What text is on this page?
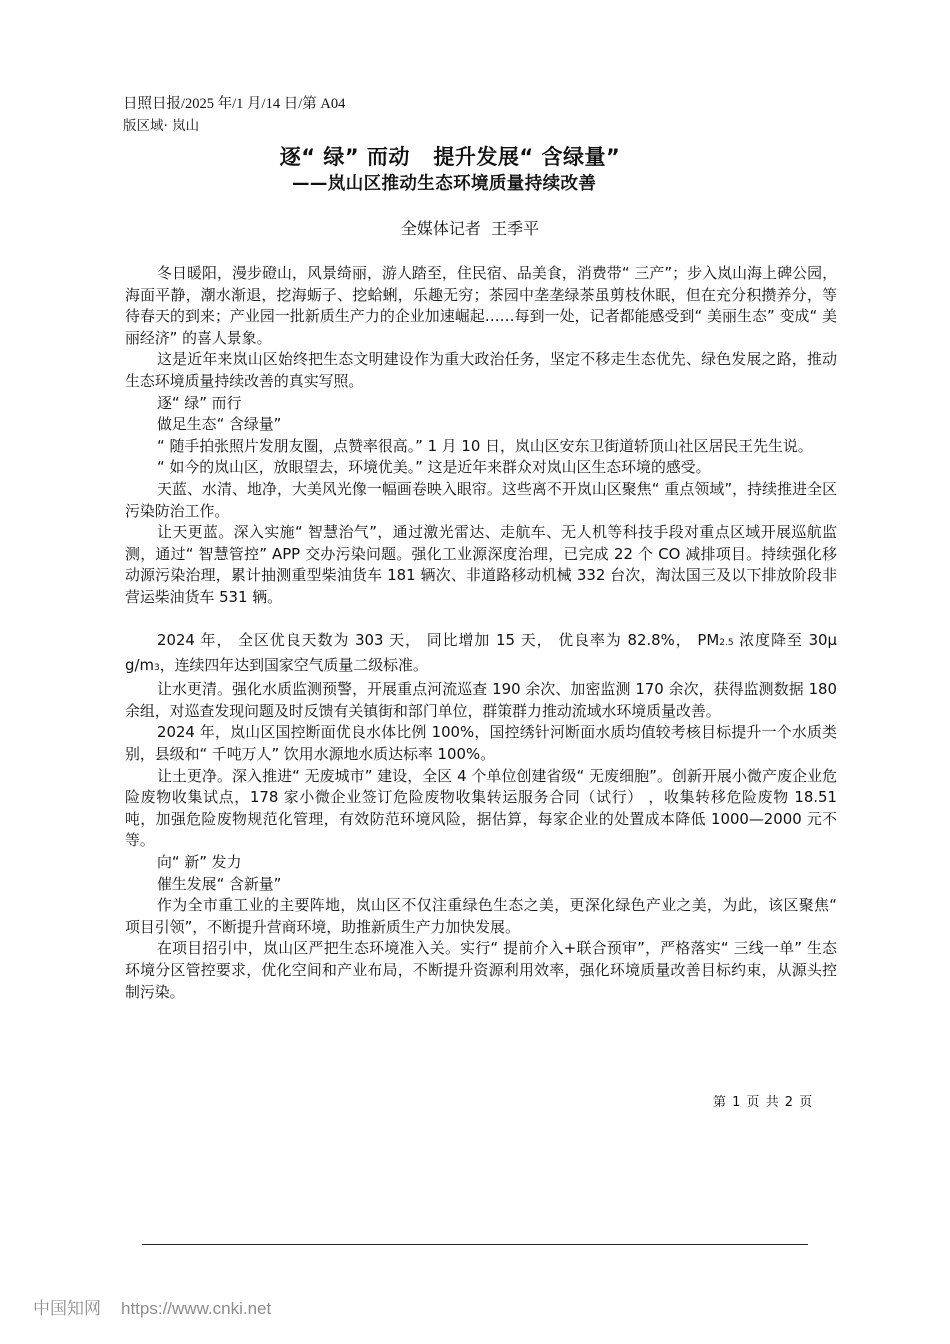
日照日报/2025 年/1 月/14 日/第 A04
版区域· 岚山
逐“ 绿” 而动   提升发展“ 含绿量”
——岚山区推动生态环境质量持续改善
全媒体记者  王季平

冬日暖阳，漫步磴山，风景绮丽，游人踏至，住民宿、品美食，消费带“ 三产”；步入岚山海上碑公园，海面平静，潮水渐退，挖海蛎子、挖蛤蜊，乐趣无穷；茶园中垄垄绿茶虽剪枝休眠，但在充分积攒养分，等待春天的到来；产业园一批新质生产力的企业加速崛起……每到一处，记者都能感受到“ 美丽生态” 变成“ 美丽经济” 的喜人景象。

这是近年来岚山区始终把生态文明建设作为重大政治任务，坚定不移走生态优先、绿色发展之路，推动生态环境质量持续改善的真实写照。

逐“ 绿” 而行

做足生态“ 含绿量”

“ 随手拍张照片发朋友圈，点赞率很高。” 1 月 10 日，岚山区安东卫街道轿顶山社区居民王先生说。

“ 如今的岚山区，放眼望去，环境优美。” 这是近年来群众对岚山区生态环境的感受。

天蓝、水清、地净，大美风光像一幅画卷映入眼帘。这些离不开岚山区聚焦“ 重点领域”，持续推进全区污染防治工作。

让天更蓝。深入实施“ 智慧治气”，通过激光雷达、走航车、无人机等科技手段对重点区域开展巡航监测，通过“ 智慧管控” APP 交办污染问题。强化工业源深度治理，已完成 22 个 CO 减排项目。持续强化移动源污染治理，累计抽测重型柴油货车 181 辆次、非道路移动机械 332 台次，淘汰国三及以下排放阶段非营运柴油货车 531 辆。

2024 年， 全区优良天数为 303 天， 同比增加 15 天， 优良率为 82.8%， PM2.5 浓度降至 30μ g/m3，连续四年达到国家空气质量二级标准。

让水更清。强化水质监测预警，开展重点河流巡查 190 余次、加密监测 170 余次，获得监测数据 180 余组，对巡查发现问题及时反馈有关镇街和部门单位，群策群力推动流域水环境质量改善。

2024 年，岚山区国控断面优良水体比例 100%，国控绣针河断面水质均值较考核目标提升一个水质类别，县级和“ 千吨万人” 饮用水源地水质达标率 100%。

让土更净。深入推进“ 无废城市” 建设，全区 4 个单位创建省级“ 无废细胞”。创新开展小微产废企业危险废物收集试点，178 家小微企业签订危险废物收集转运服务合同（试行） ，收集转移危险废物 18.51 吨，加强危险废物规范化管理，有效防范环境风险，据估算，每家企业的处置成本降低 1000—2000 元不等。

向“ 新” 发力

催生发展“ 含新量”

作为全市重工业的主要阵地，岚山区不仅注重绿色生态之美，更深化绿色产业之美，为此，该区聚焦“ 项目引领”，不断提升营商环境，助推新质生产力加快发展。

在项目招引中，岚山区严把生态环境准入关。实行“ 提前介入+联合预审”，严格落实“ 三线一单” 生态环境分区管控要求，优化空间和产业布局，不断提升资源利用效率，强化环境质量改善目标约束，从源头控制污染。

第 1 页 共 2 页
中国知网 https://www.cnki.net
